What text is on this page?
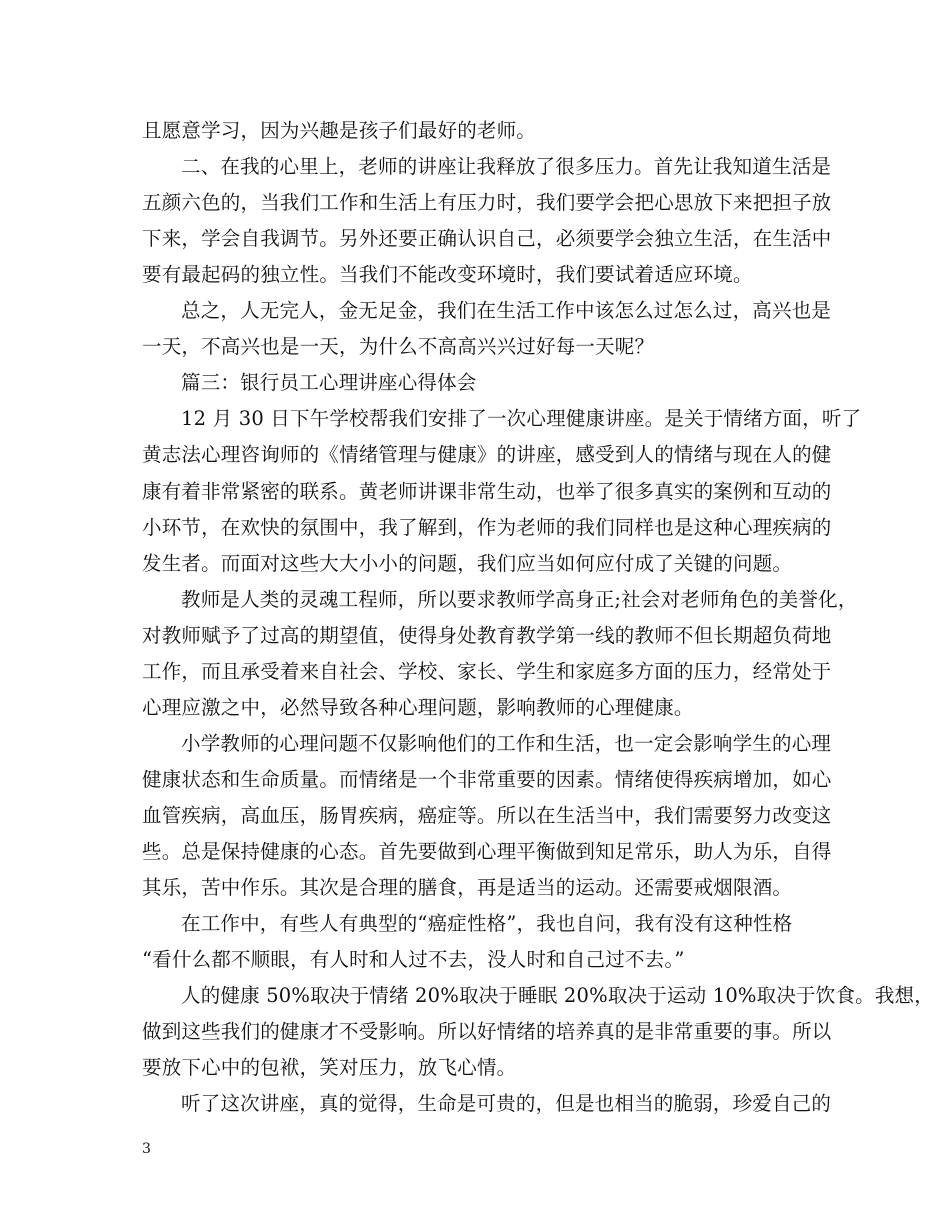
且愿意学习，因为兴趣是孩子们最好的老师。
二、在我的心里上，老师的讲座让我释放了很多压力。首先让我知道生活是
五颜六色的，当我们工作和生活上有压力时，我们要学会把心思放下来把担子放
下来，学会自我调节。另外还要正确认识自己，必须要学会独立生活，在生活中
要有最起码的独立性。当我们不能改变环境时，我们要试着适应环境。
总之，人无完人，金无足金，我们在生活工作中该怎么过怎么过，高兴也是
一天，不高兴也是一天，为什么不高高兴兴过好每一天呢？
篇三：银行员工心理讲座心得体会
12 月 30 日下午学校帮我们安排了一次心理健康讲座。是关于情绪方面，听了
黄志法心理咨询师的《情绪管理与健康》的讲座，感受到人的情绪与现在人的健
康有着非常紧密的联系。黄老师讲课非常生动，也举了很多真实的案例和互动的
小环节，在欢快的氛围中，我了解到，作为老师的我们同样也是这种心理疾病的
发生者。而面对这些大大小小的问题，我们应当如何应付成了关键的问题。
教师是人类的灵魂工程师，所以要求教师学高身正;社会对老师角色的美誉化，
对教师赋予了过高的期望值，使得身处教育教学第一线的教师不但长期超负荷地
工作，而且承受着来自社会、学校、家长、学生和家庭多方面的压力，经常处于
心理应激之中，必然导致各种心理问题，影响教师的心理健康。
小学教师的心理问题不仅影响他们的工作和生活，也一定会影响学生的心理
健康状态和生命质量。而情绪是一个非常重要的因素。情绪使得疾病增加，如心
血管疾病，高血压，肠胃疾病，癌症等。所以在生活当中，我们需要努力改变这
些。总是保持健康的心态。首先要做到心理平衡做到知足常乐，助人为乐，自得
其乐，苦中作乐。其次是合理的膳食，再是适当的运动。还需要戒烟限酒。
在工作中，有些人有典型的“癌症性格”，我也自问，我有没有这种性格
“看什么都不顺眼，有人时和人过不去，没人时和自己过不去。”
人的健康 50%取决于情绪 20%取决于睡眠 20%取决于运动 10%取决于饮食。我想，
做到这些我们的健康才不受影响。所以好情绪的培养真的是非常重要的事。所以
要放下心中的包袱，笑对压力，放飞心情。
听了这次讲座，真的觉得，生命是可贵的，但是也相当的脆弱，珍爱自己的
3
